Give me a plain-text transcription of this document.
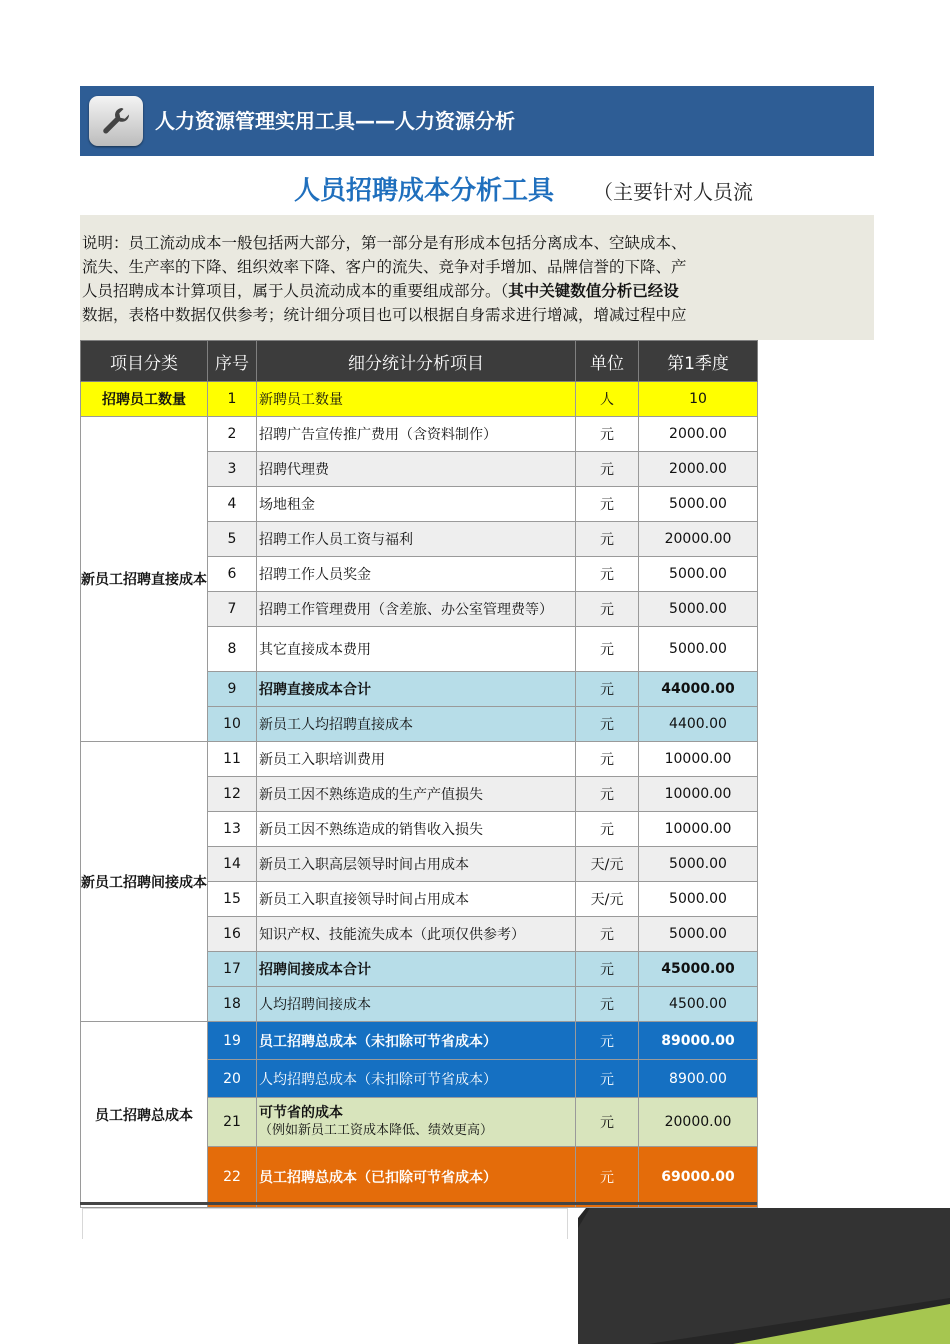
人力资源管理实用工具——人力资源分析
人员招聘成本分析工具 （主要针对人员流
说明：员工流动成本一般包括两大部分，第一部分是有形成本包括分离成本、空缺成本、
流失、生产率的下降、组织效率下降、客户的流失、竞争对手增加、品牌信誉的下降、产
人员招聘成本计算项目，属于人员流动成本的重要组成部分。（其中关键数值分析已经设
数据，表格中数据仅供参考；统计细分项目也可以根据自身需求进行增减，增减过程中应
项目分类	序号	细分统计分析项目	单位	第1季度
招聘员工数量	1	新聘员工数量	人	10
新员工招聘直接成本	2	招聘广告宣传推广费用（含资料制作）	元	2000.00
	3	招聘代理费	元	2000.00
	4	场地租金	元	5000.00
	5	招聘工作人员工资与福利	元	20000.00
	6	招聘工作人员奖金	元	5000.00
	7	招聘工作管理费用（含差旅、办公室管理费等）	元	5000.00
	8	其它直接成本费用	元	5000.00
	9	招聘直接成本合计	元	44000.00
	10	新员工人均招聘直接成本	元	4400.00
新员工招聘间接成本	11	新员工入职培训费用	元	10000.00
	12	新员工因不熟练造成的生产产值损失	元	10000.00
	13	新员工因不熟练造成的销售收入损失	元	10000.00
	14	新员工入职高层领导时间占用成本	天/元	5000.00
	15	新员工入职直接领导时间占用成本	天/元	5000.00
	16	知识产权、技能流失成本（此项仅供参考）	元	5000.00
	17	招聘间接成本合计	元	45000.00
	18	人均招聘间接成本	元	4500.00
员工招聘总成本	19	员工招聘总成本（未扣除可节省成本）	元	89000.00
	20	人均招聘总成本（未扣除可节省成本）	元	8900.00
	21	可节省的成本（例如新员工工资成本降低、绩效更高）	元	20000.00
	22	员工招聘总成本（已扣除可节省成本）	元	69000.00
